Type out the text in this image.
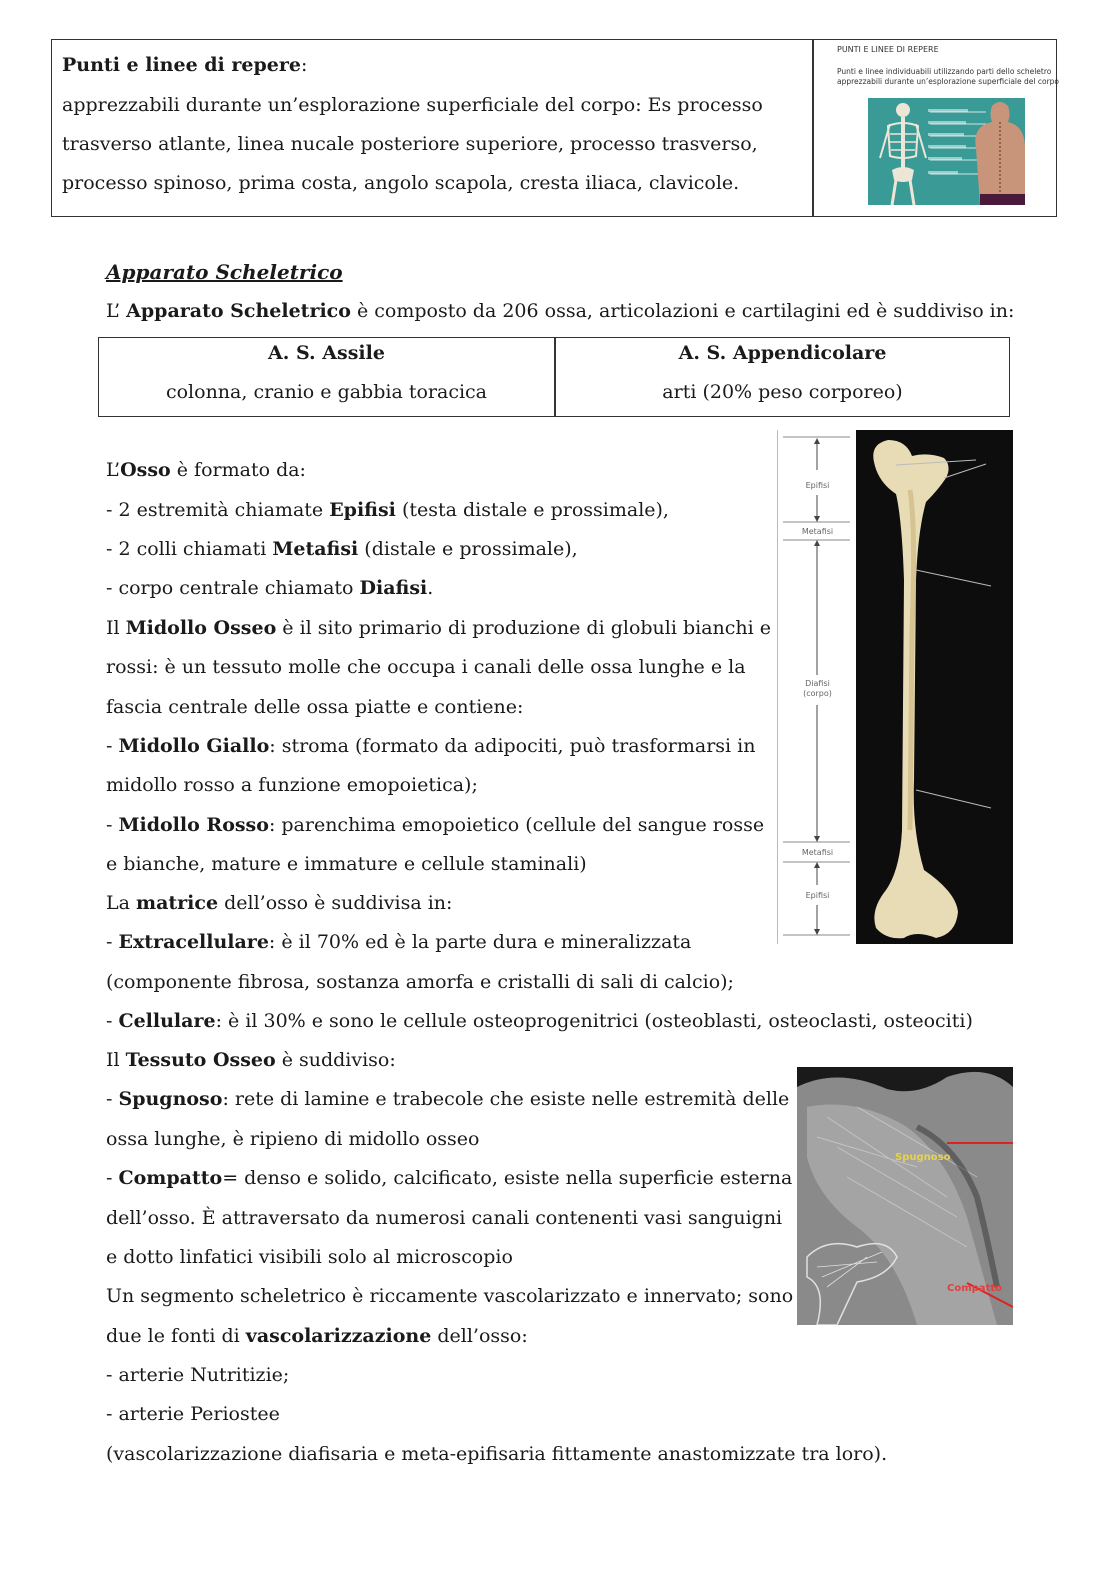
Punti e linee di repere:
apprezzabili durante un’esplorazione superficiale del corpo: Es processo
trasverso atlante, linea nucale posteriore superiore, processo trasverso,
processo spinoso, prima costa, angolo scapola, cresta iliaca, clavicole.
PUNTI E LINEE DI REPERE
Punti e linee individuabili utilizzando parti dello scheletro
apprezzabili durante un’esplorazione superficiale del corpo
Apparato Scheletrico
L’ Apparato Scheletrico è composto da 206 ossa, articolazioni e cartilagini ed è suddiviso in:
A. S. Assile
colonna, cranio e gabbia toracica
A. S. Appendicolare
arti (20% peso corporeo)
L’Osso è formato da:
- 2 estremità chiamate Epifisi (testa distale e prossimale),
- 2 colli chiamati Metafisi (distale e prossimale),
- corpo centrale chiamato Diafisi.
Il Midollo Osseo è il sito primario di produzione di globuli bianchi e
rossi: è un tessuto molle che occupa i canali delle ossa lunghe e la
fascia centrale delle ossa piatte e contiene:
- Midollo Giallo: stroma (formato da adipociti, può trasformarsi in
midollo rosso a funzione emopoietica);
- Midollo Rosso: parenchima emopoietico (cellule del sangue rosse
e bianche, mature e immature e cellule staminali)
La matrice dell’osso è suddivisa in:
- Extracellulare: è il 70% ed è la parte dura e mineralizzata
(componente fibrosa, sostanza amorfa e cristalli di sali di calcio);
- Cellulare: è il 30% e sono le cellule osteoprogenitrici (osteoblasti, osteoclasti, osteociti)
Il Tessuto Osseo è suddiviso:
- Spugnoso: rete di lamine e trabecole che esiste nelle estremità delle
ossa lunghe, è ripieno di midollo osseo
- Compatto= denso e solido, calcificato, esiste nella superficie esterna
dell’osso. È attraversato da numerosi canali contenenti vasi sanguigni
e dotto linfatici visibili solo al microscopio
Un segmento scheletrico è riccamente vascolarizzato e innervato; sono
due le fonti di vascolarizzazione dell’osso:
- arterie Nutritizie;
- arterie Periostee
(vascolarizzazione diafisaria e meta-epifisaria fittamente anastomizzate tra loro).
Epifisi
Metafisi
Diafisi
(corpo)
Metafisi
Epifisi
Spugnoso
Compatto
